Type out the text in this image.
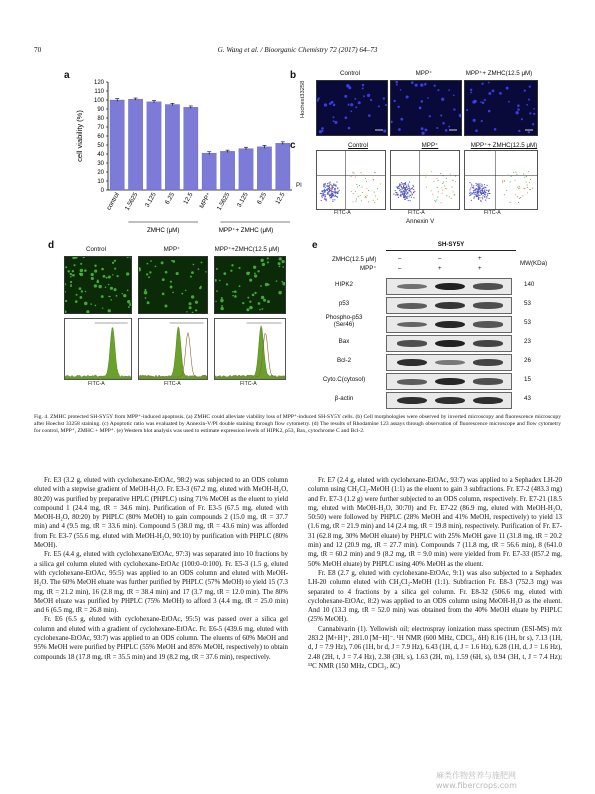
70	G. Wang et al. / Bioorganic Chemistry 72 (2017) 64–73
a
0
10
20
30
40
50
60
70
80
90
100
110
120
cell viability (%)
control 1.5625 3.125 6.25 12.5 MPP⁺ 1.5625 3.125 6.25 12.5
ZMHC (μM)	MPP⁺+ ZMHC (μM)
b
Hochest33258
Control	MPP⁺	MPP⁺+ ZMHC(12.5 μM)
c	Control	MPP⁺	MPP⁺+ ZMHC(12.5 μM)
PI
FITC-A	FITC-A	FITC-A
Annexin V
d	Control	MPP⁺	MPP⁺+ZMHC(12.5 μM)
FITC-A	FITC-A	FITC-A
e	SH-SY5Y
ZMHC(12.5 μM)
MPP⁺
MW(KDa)
–	–	+
–	+	+
HIPK2	140
p53	53
Phospho-p53
(Ser46)	53
Bax	23
Bcl-2	26
Cyto.C(cytosol)	15
β-actin	43
Fig. 4. ZMHC protected SH-SY5Y from MPP⁺-induced apoptosis. (a) ZMHC could alleviate viability loss of MPP⁺-induced SH-SY5Y cells. (b) Cell morphologies were observed by inverted microscopy and fluorescence microscopy after Hoechst 33258 staining. (c) Apoptotic ratio was evaluated by Annexin-V/PI double staining through flow cytometry. (d) The results of Rhodamine 123 assays through observation of fluorescence microscope and flow cytometry for control, MPP⁺, ZMHC + MPP⁺. (e) Western blot analysis was used to estimate expression levels of HIPK2, p53, Bax, cytochrome C and Bcl-2.

Fr. E3 (3.2 g, eluted with cyclohexane-EtOAc, 98:2) was subjected to an ODS column eluted with a stepwise gradient of MeOH-H₂O. Fr. E3-3 (67.2 mg, eluted with MeOH-H₂O, 80:20) was purified by preparative HPLC (PHPLC) using 71% MeOH as the eluent to yield compound 1 (24.4 mg, tR = 34.6 min). Purification of Fr. E3-5 (67.5 mg, eluted with MeOH-H₂O, 80:20) by PHPLC (80% MeOH) to gain compounds 2 (15.0 mg, tR = 37.7 min) and 4 (9.5 mg, tR = 33.6 min). Compound 5 (38.0 mg, tR = 43.6 min) was afforded from Fr. E3-7 (55.6 mg, eluted with MeOH-H₂O, 90:10) by purification with PHPLC (80% MeOH).

Fr. E5 (4.4 g, eluted with cyclohexane/EtOAc, 97:3) was separated into 10 fractions by a silica gel column eluted with cyclohexane-EtOAc (100:0–0:100). Fr. E5-3 (1.5 g, eluted with cyclohexane-EtOAc, 95:5) was applied to an ODS column and eluted with MeOH-H₂O. The 60% MeOH eluate was further purified by PHPLC (57% MeOH) to yield 15 (7.3 mg, tR = 21.2 min), 16 (2.8 mg, tR = 38.4 min) and 17 (3.7 mg, tR = 12.0 min). The 80% MeOH eluate was purified by PHPLC (75% MeOH) to afford 3 (4.4 mg, tR = 25.0 min) and 6 (6.5 mg, tR = 26.8 min).

Fr. E6 (6.5 g, eluted with cyclohexane-EtOAc, 95:5) was passed over a silica gel column and eluted with a gradient of cyclohexane-EtOAc. Fr. E6-5 (439.6 mg, eluted with cyclohexane-EtOAc, 93:7) was applied to an ODS column. The eluents of 60% MeOH and 95% MeOH were purified by PHPLC (55% MeOH and 85% MeOH, respectively) to obtain compounds 18 (17.8 mg, tR = 35.5 min) and 19 (8.2 mg, tR = 37.6 min), respectively.

Fr. E7 (2.4 g, eluted with cyclohexane-EtOAc, 93:7) was applied to a Sephadex LH-20 column using CH₂Cl₂-MeOH (1:1) as the eluent to gain 3 subfractions. Fr. E7-2 (483.3 mg) and Fr. E7-3 (1.2 g) were further subjected to an ODS column, respectively. Fr. E7-21 (18.5 mg, eluted with MeOH-H₂O, 30:70) and Fr. E7-22 (86.9 mg, eluted with MeOH-H₂O, 50:50) were followed by PHPLC (28% MeOH and 41% MeOH, respectively) to yield 13 (1.6 mg, tR = 21.9 min) and 14 (2.4 mg, tR = 19.8 min), respectively. Purification of Fr. E7-31 (62.8 mg, 30% MeOH eluate) by PHPLC with 25% MeOH gave 11 (31.8 mg, tR = 20.2 min) and 12 (20.9 mg, tR = 27.7 min). Compounds 7 (11.8 mg, tR = 56.6 min), 8 (641.0 mg, tR = 60.2 min) and 9 (8.2 mg, tR = 9.0 min) were yielded from Fr. E7-33 (857.2 mg, 50% MeOH eluate) by PHPLC using 40% MeOH as the eluent.

Fr. E8 (2.7 g, eluted with cyclohexane-EtOAc, 9:1) was also subjected to a Sephadex LH-20 column eluted with CH₂Cl₂-MeOH (1:1). Subfraction Fr. E8-3 (752.3 mg) was separated to 4 fractions by a silica gel column. Fr. E8-32 (506.6 mg, eluted with cyclohexane-EtOAc, 8:2) was applied to an ODS column using MeOH-H₂O as the eluent. And 10 (13.3 mg, tR = 52.0 min) was obtained from the 40% MeOH eluate by PHPLC (25% MeOH).

Cannabivarin (1). Yellowish oil; electrospray ionization mass spectrum (ESI-MS) m/z 283.2 [M+H]⁺, 281.0 [M−H]⁻. ¹H NMR (600 MHz, CDCl₃, δH) 8.16 (1H, br s), 7.13 (1H, d, J = 7.9 Hz), 7.06 (1H, br d, J = 7.9 Hz), 6.43 (1H, d, J = 1.6 Hz), 6.28 (1H, d, J = 1.6 Hz), 2.48 (2H, t, J = 7.4 Hz), 2.38 (3H, s), 1.63 (2H, m), 1.59 (6H, s), 0.94 (3H, t, J = 7.4 Hz); ¹³C NMR (150 MHz, CDCl₃, δC)

麻类作物营养与施肥网 www.fibercrops.com
